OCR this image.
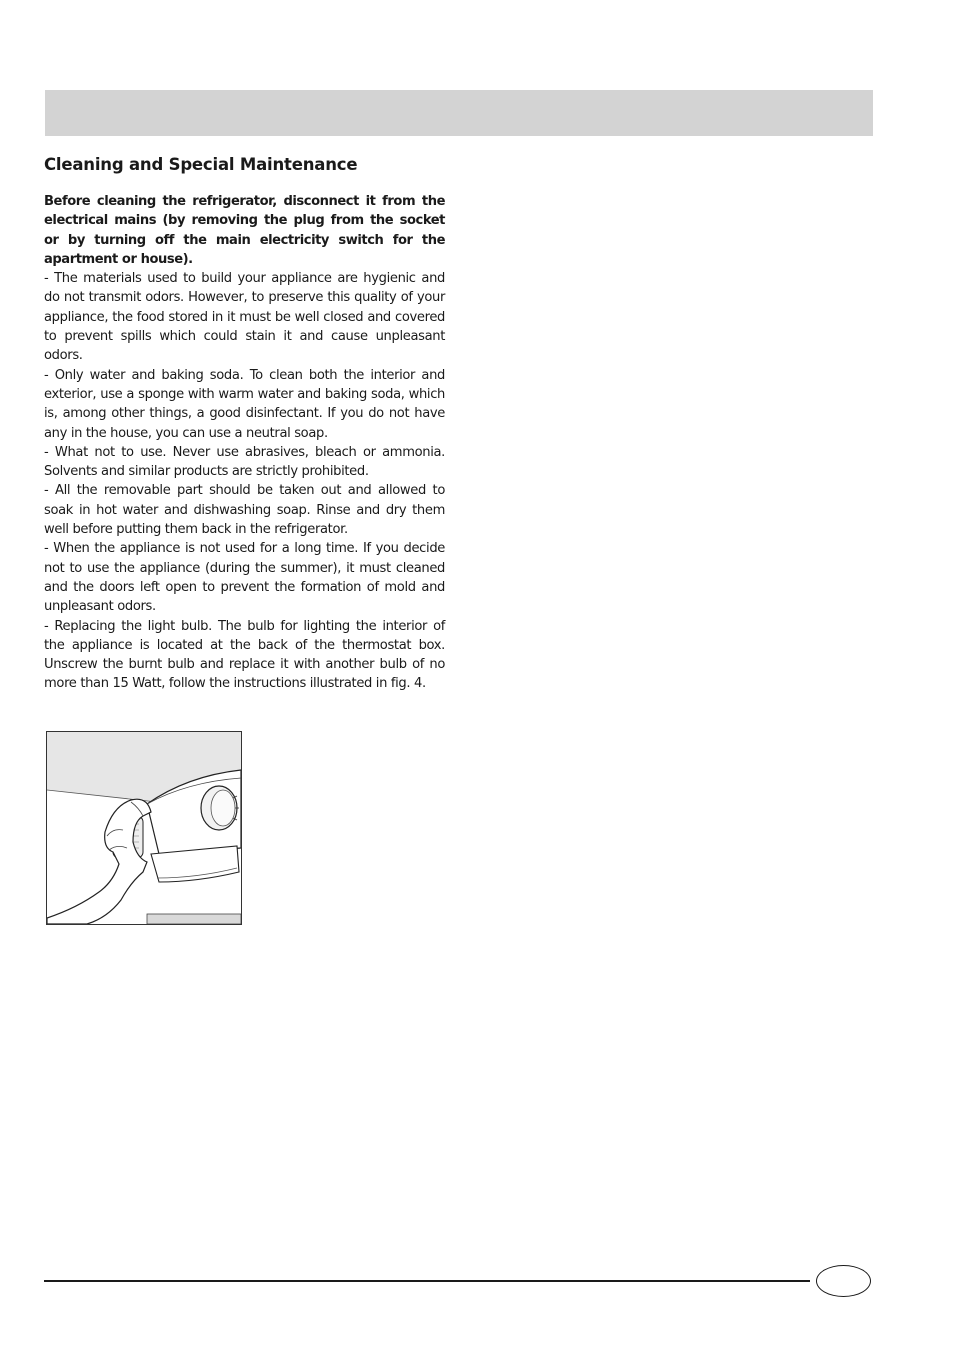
Cleaning and Special Maintenance

Before cleaning the refrigerator, disconnect it from the electrical mains (by removing the plug from the socket or by turning off the main electricity switch for the apartment or house).

- The materials used to build your appliance are hygienic and do not transmit odors. However, to preserve this quality of your appliance, the food stored in it must be well closed and covered to prevent spills which could stain it and cause unpleasant odors.

- Only water and baking soda. To clean both the interior and exterior, use a sponge with warm water and baking soda, which is, among other things, a good disinfectant. If you do not have any in the house, you can use a neutral soap.

- What not to use. Never use abrasives, bleach or ammonia. Solvents and similar products are strictly prohibited.

- All the removable part should be taken out and allowed to soak in hot water and dishwashing soap. Rinse and dry them well before putting them back in the refrigerator.

- When the appliance is not used for a long time. If you decide not to use the appliance (during the summer), it must cleaned and the doors left open to prevent the formation of mold and unpleasant odors.

- Replacing the light bulb. The bulb for lighting the interior of the appliance is located at the back of the thermostat box. Unscrew the burnt bulb and replace it with another bulb of no more than 15 Watt, follow the instructions illustrated in fig. 4.
